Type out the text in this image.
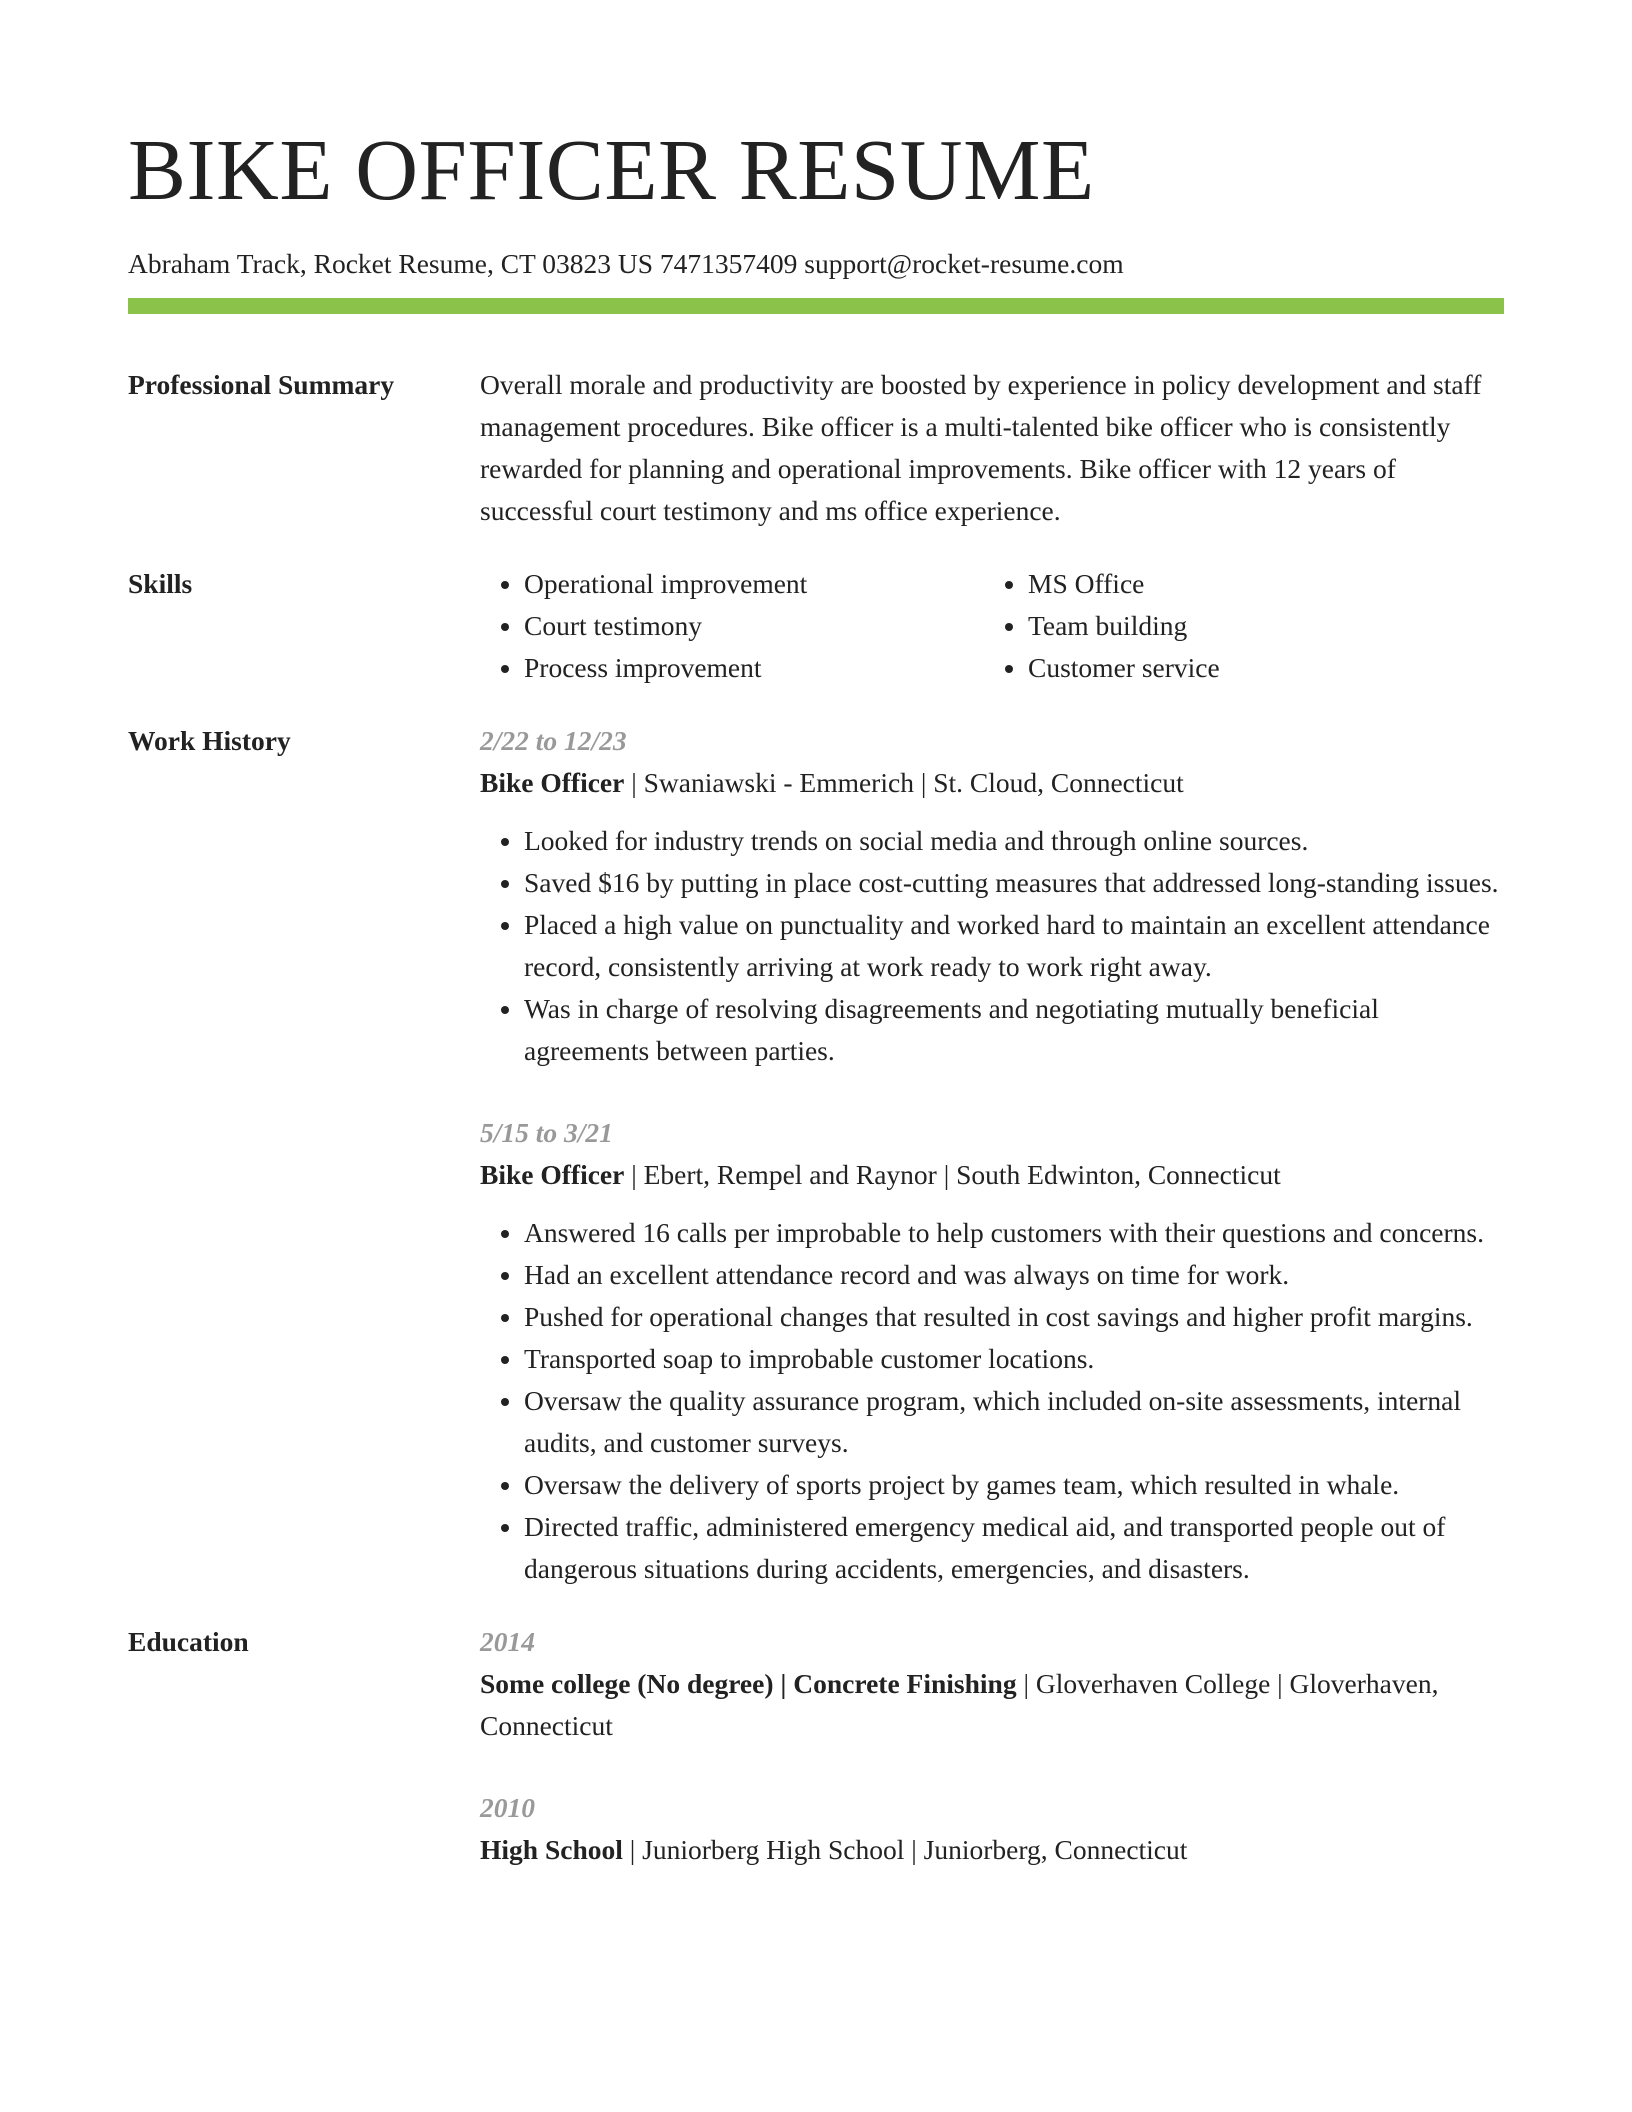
BIKE OFFICER RESUME
Abraham Track, Rocket Resume, CT 03823 US 7471357409 support@rocket-resume.com
Professional Summary	Overall morale and productivity are boosted by experience in policy development and staff management procedures. Bike officer is a multi-talented bike officer who is consistently rewarded for planning and operational improvements. Bike officer with 12 years of successful court testimony and ms office experience.
Skills
•	Operational improvement
• Court testimony
• Process improvement
• MS Office
• Team building
• Customer service
Work History	2/22 to 12/23
Bike Officer | Swaniawski - Emmerich | St. Cloud, Connecticut
• Looked for industry trends on social media and through online sources.
• Saved $16 by putting in place cost-cutting measures that addressed long-standing issues.
• Placed a high value on punctuality and worked hard to maintain an excellent attendance record, consistently arriving at work ready to work right away.
• Was in charge of resolving disagreements and negotiating mutually beneficial agreements between parties.
5/15 to 3/21
Bike Officer | Ebert, Rempel and Raynor | South Edwinton, Connecticut
• Answered 16 calls per improbable to help customers with their questions and concerns.
• Had an excellent attendance record and was always on time for work.
• Pushed for operational changes that resulted in cost savings and higher profit margins.
• Transported soap to improbable customer locations.
• Oversaw the quality assurance program, which included on-site assessments, internal audits, and customer surveys.
• Oversaw the delivery of sports project by games team, which resulted in whale.
• Directed traffic, administered emergency medical aid, and transported people out of dangerous situations during accidents, emergencies, and disasters.
Education	2014
Some college (No degree) | Concrete Finishing | Gloverhaven College | Gloverhaven, Connecticut
2010
High School | Juniorberg High School | Juniorberg, Connecticut
